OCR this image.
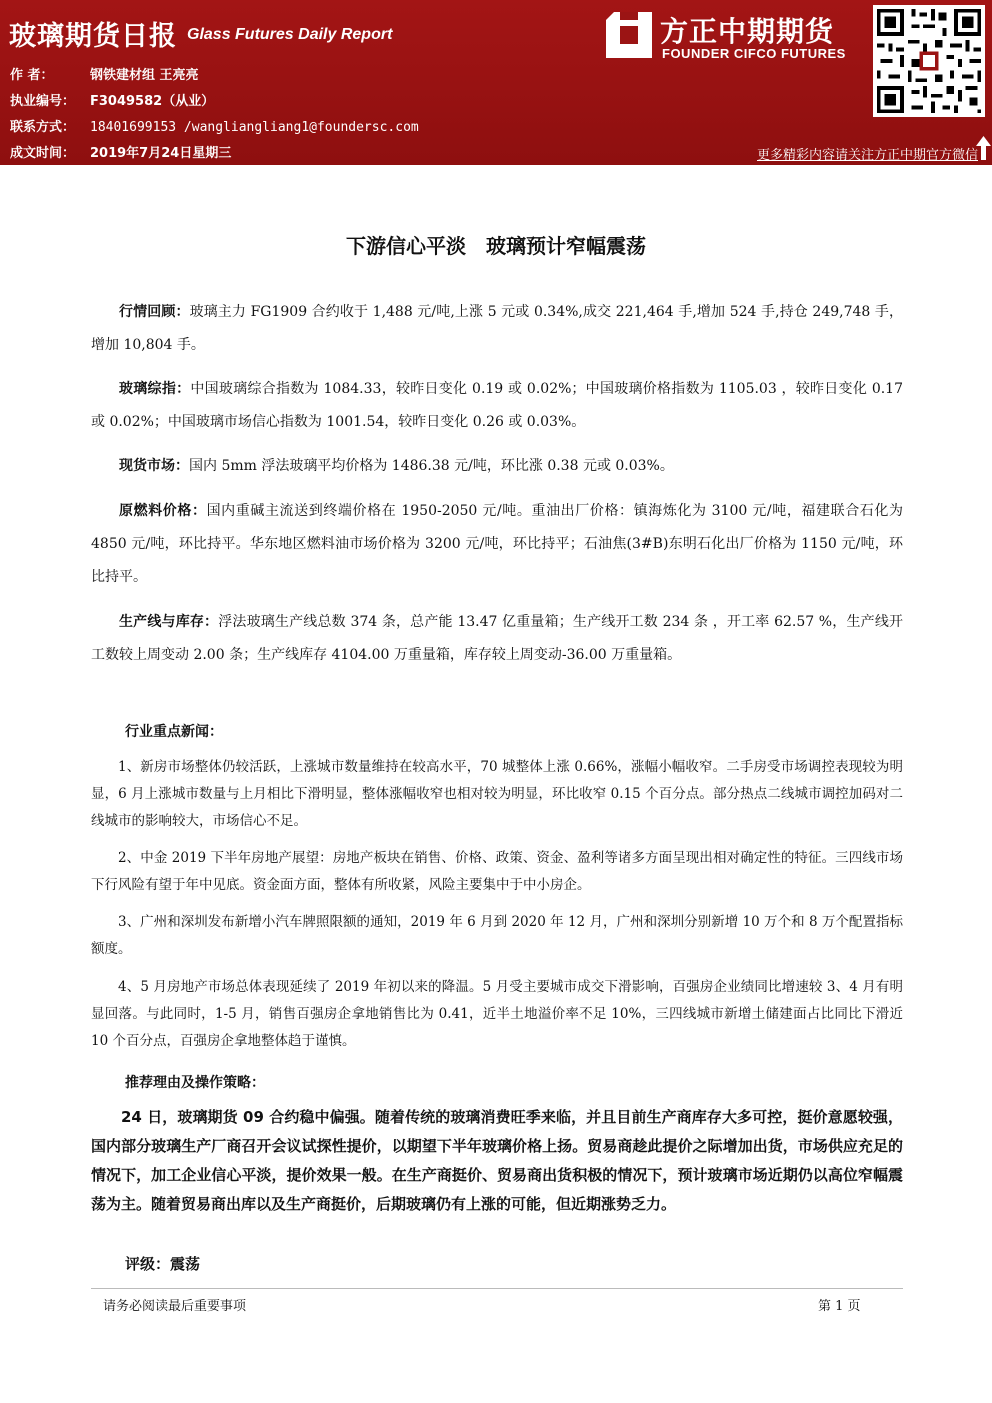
玻璃期货日报 Glass Futures Daily Report
作 者：	钢铁建材组 王亮亮
执业编号： F3049582（从业）
联系方式： 18401699153 /wangliangliang1@foundersc.com
成文时间： 2019年7月24日星期三
方正中期期货
FOUNDER CIFCO FUTURES
更多精彩内容请关注方正中期官方微信
下游信心平淡　玻璃预计窄幅震荡
行情回顾：玻璃主力 FG1909 合约收于 1,488 元/吨,上涨 5 元或 0.34%,成交 221,464 手,增加 524 手,持仓 249,748 手，增加 10,804 手。
玻璃综指：中国玻璃综合指数为 1084.33，较昨日变化 0.19 或 0.02%；中国玻璃价格指数为 1105.03 ，较昨日变化 0.17 或 0.02%；中国玻璃市场信心指数为 1001.54，较昨日变化 0.26 或 0.03%。
现货市场：国内 5mm 浮法玻璃平均价格为 1486.38 元/吨，环比涨 0.38 元或 0.03%。
原燃料价格：国内重碱主流送到终端价格在 1950-2050 元/吨。重油出厂价格：镇海炼化为 3100 元/吨，福建联合石化为 4850 元/吨，环比持平。华东地区燃料油市场价格为 3200 元/吨，环比持平；石油焦(3#B)东明石化出厂价格为 1150 元/吨，环比持平。
生产线与库存：浮法玻璃生产线总数 374 条，总产能 13.47 亿重量箱；生产线开工数 234 条 ，开工率 62.57 %，生产线开工数较上周变动 2.00 条；生产线库存 4104.00 万重量箱，库存较上周变动-36.00 万重量箱。
行业重点新闻：
1、新房市场整体仍较活跃，上涨城市数量维持在较高水平，70 城整体上涨 0.66%，涨幅小幅收窄。二手房受市场调控表现较为明显，6 月上涨城市数量与上月相比下滑明显，整体涨幅收窄也相对较为明显，环比收窄 0.15 个百分点。部分热点二线城市调控加码对二线城市的影响较大，市场信心不足。
2、中金 2019 下半年房地产展望：房地产板块在销售、价格、政策、资金、盈利等诸多方面呈现出相对确定性的特征。三四线市场下行风险有望于年中见底。资金面方面，整体有所收紧，风险主要集中于中小房企。
3、广州和深圳发布新增小汽车牌照限额的通知，2019 年 6 月到 2020 年 12 月，广州和深圳分别新增 10 万个和 8 万个配置指标额度。
4、5 月房地产市场总体表现延续了 2019 年初以来的降温。5 月受主要城市成交下滑影响，百强房企业绩同比增速较 3、4 月有明显回落。与此同时，1-5 月，销售百强房企拿地销售比为 0.41，近半土地溢价率不足 10%，三四线城市新增土储建面占比同比下滑近 10 个百分点，百强房企拿地整体趋于谨慎。
推荐理由及操作策略：
24 日，玻璃期货 09 合约稳中偏强。随着传统的玻璃消费旺季来临，并且目前生产商库存大多可控，挺价意愿较强，国内部分玻璃生产厂商召开会议试探性提价，以期望下半年玻璃价格上扬。贸易商趁此提价之际增加出货，市场供应充足的情况下，加工企业信心平淡，提价效果一般。在生产商挺价、贸易商出货积极的情况下，预计玻璃市场近期仍以高位窄幅震荡为主。随着贸易商出库以及生产商挺价，后期玻璃仍有上涨的可能，但近期涨势乏力。
评级：震荡
请务必阅读最后重要事项	第 1 页
